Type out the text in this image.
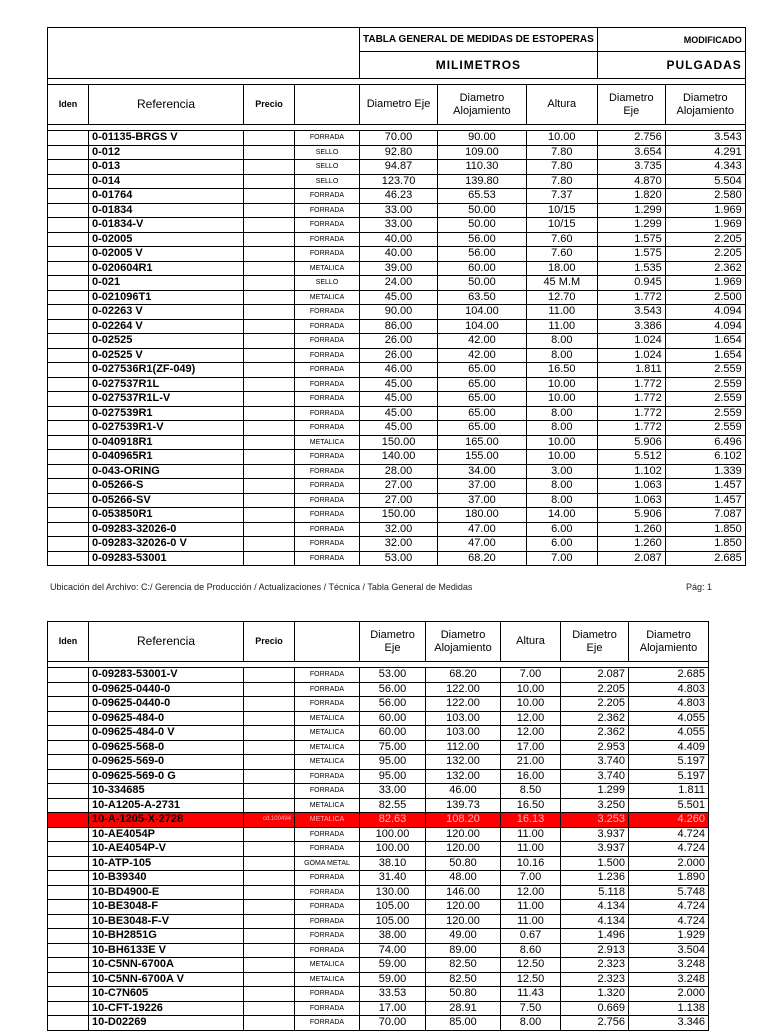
				TABLA GENERAL DE MEDIDAS DE ESTOPERAS			MODIFICADO	
				MILIMETROS			PULGADAS	

Iden	Referencia	Precio		Diametro Eje	Diametro Alojamiento	Altura	Diametro Eje	Diametro Alojamiento

	0-01135-BRGS V		FORRADA	70.00	90.00	10.00	2.756	3.543
	0-012		SELLO	92.80	109.00	7.80	3.654	4.291
	0-013		SELLO	94.87	110.30	7.80	3.735	4.343
	0-014		SELLO	123.70	139.80	7.80	4.870	5.504
	0-01764		FORRADA	46.23	65.53	7.37	1.820	2.580
	0-01834		FORRADA	33.00	50.00	10/15	1.299	1.969
	0-01834-V		FORRADA	33.00	50.00	10/15	1.299	1.969
	0-02005		FORRADA	40.00	56.00	7.60	1.575	2.205
	0-02005 V		FORRADA	40.00	56.00	7.60	1.575	2.205
	0-020604R1		METALICA	39.00	60.00	18.00	1.535	2.362
	0-021		SELLO	24.00	50.00	45 M.M	0.945	1.969
	0-021096T1		METALICA	45.00	63.50	12.70	1.772	2.500
	0-02263 V		FORRADA	90.00	104.00	11.00	3.543	4.094
	0-02264 V		FORRADA	86.00	104.00	11.00	3.386	4.094
	0-02525		FORRADA	26.00	42.00	8.00	1.024	1.654
	0-02525 V		FORRADA	26.00	42.00	8.00	1.024	1.654
	0-027536R1(ZF-049)		FORRADA	46.00	65.00	16.50	1.811	2.559
	0-027537R1L		FORRADA	45.00	65.00	10.00	1.772	2.559
	0-027537R1L-V		FORRADA	45.00	65.00	10.00	1.772	2.559
	0-027539R1		FORRADA	45.00	65.00	8.00	1.772	2.559
	0-027539R1-V		FORRADA	45.00	65.00	8.00	1.772	2.559
	0-040918R1		METALICA	150.00	165.00	10.00	5.906	6.496
	0-040965R1		FORRADA	140.00	155.00	10.00	5.512	6.102
	0-043-ORING		FORRADA	28.00	34.00	3.00	1.102	1.339
	0-05266-S		FORRADA	27.00	37.00	8.00	1.063	1.457
	0-05266-SV		FORRADA	27.00	37.00	8.00	1.063	1.457
	0-053850R1		FORRADA	150.00	180.00	14.00	5.906	7.087
	0-09283-32026-0		FORRADA	32.00	47.00	6.00	1.260	1.850
	0-09283-32026-0 V		FORRADA	32.00	47.00	6.00	1.260	1.850
	0-09283-53001		FORRADA	53.00	68.20	7.00	2.087	2.685
Ubicación del Archivo: C:/ Gerencia de Producción / Actualizaciones / Técnica / Tabla General de Medidas	Pág: 1
Iden	Referencia	Precio		Diametro Eje	Diametro Alojamiento	Altura	Diametro Eje	Diametro Alojamiento

	0-09283-53001-V		FORRADA	53.00	68.20	7.00	2.087	2.685
	0-09625-0440-0		FORRADA	56.00	122.00	10.00	2.205	4.803
	0-09625-0440-0		FORRADA	56.00	122.00	10.00	2.205	4.803
	0-09625-484-0		METALICA	60.00	103.00	12.00	2.362	4.055
	0-09625-484-0 V		METALICA	60.00	103.00	12.00	2.362	4.055
	0-09625-568-0		METALICA	75.00	112.00	17.00	2.953	4.409
	0-09625-569-0		METALICA	95.00	132.00	21.00	3.740	5.197
	0-09625-569-0 G		FORRADA	95.00	132.00	16.00	3.740	5.197
	10-334685		FORRADA	33.00	46.00	8.50	1.299	1.811
	10-A1205-A-2731		METALICA	82.55	139.73	16.50	3.250	5.501
	10-A-1205-X-2728	cd.100494	METALICA	82.63	108.20	16.13	3.253	4.260
	10-AE4054P		FORRADA	100.00	120.00	11.00	3.937	4.724
	10-AE4054P-V		FORRADA	100.00	120.00	11.00	3.937	4.724
	10-ATP-105		GOMA METAL	38.10	50.80	10.16	1.500	2.000
	10-B39340		FORRADA	31.40	48.00	7.00	1.236	1.890
	10-BD4900-E		FORRADA	130.00	146.00	12.00	5.118	5.748
	10-BE3048-F		FORRADA	105.00	120.00	11.00	4.134	4.724
	10-BE3048-F-V		FORRADA	105.00	120.00	11.00	4.134	4.724
	10-BH2851G		FORRADA	38.00	49.00	0.67	1.496	1.929
	10-BH6133E V		FORRADA	74.00	89.00	8.60	2.913	3.504
	10-C5NN-6700A		METALICA	59.00	82.50	12.50	2.323	3.248
	10-C5NN-6700A V		METALICA	59.00	82.50	12.50	2.323	3.248
	10-C7N605		FORRADA	33.53	50.80	11.43	1.320	2.000
	10-CFT-19226		FORRADA	17.00	28.91	7.50	0.669	1.138
	10-D02269		FORRADA	70.00	85.00	8.00	2.756	3.346
